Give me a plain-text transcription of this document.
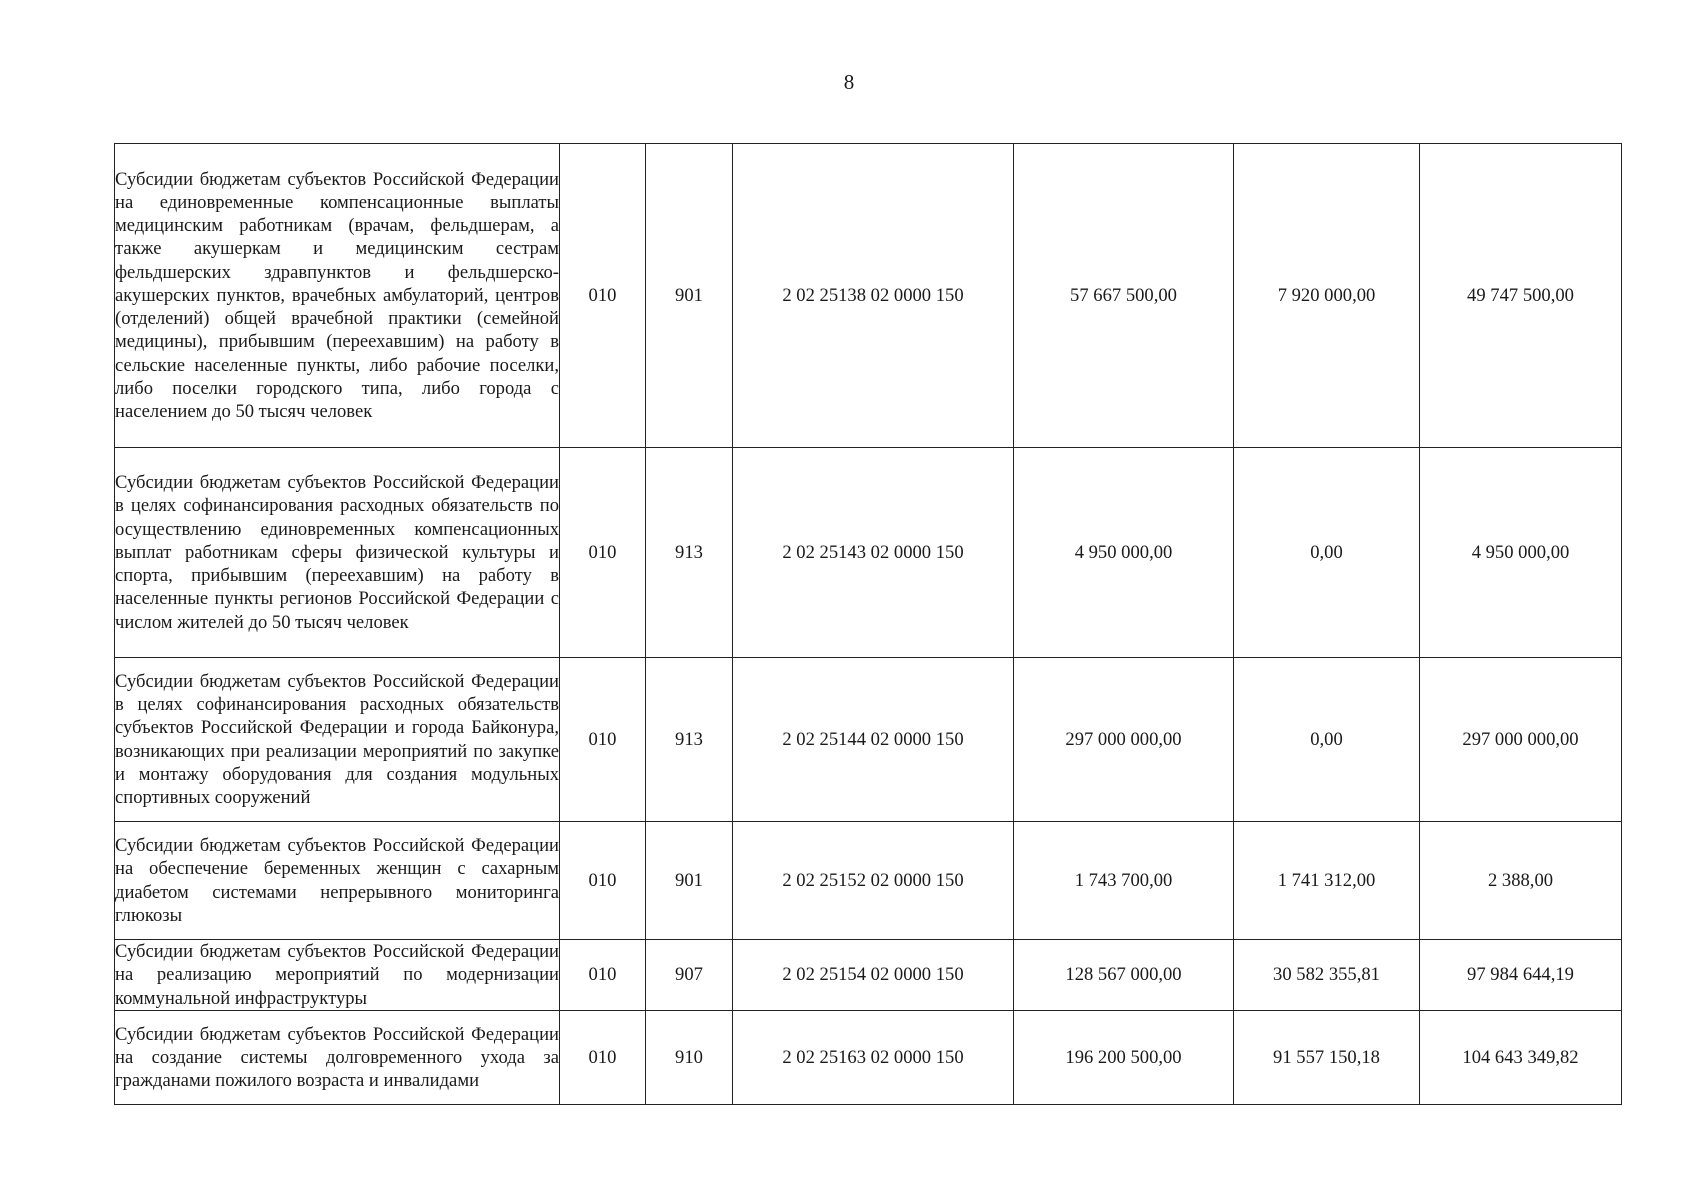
8
Субсидии бюджетам субъектов Российской Федерации на единовременные компенсационные выплаты медицинским работникам (врачам, фельдшерам, а также акушеркам и медицинским сестрам фельдшерских здравпунктов и фельдшерско-акушерских пунктов, врачебных амбулаторий, центров (отделений) общей врачебной практики (семейной медицины), прибывшим (переехавшим) на работу в сельские населенные пункты, либо рабочие поселки, либо поселки городского типа, либо города с населением до 50 тысяч человек	010	901	2 02 25138 02 0000 150	57 667 500,00	7 920 000,00	49 747 500,00
Субсидии бюджетам субъектов Российской Федерации в целях софинансирования расходных обязательств по осуществлению единовременных компенсационных выплат работникам сферы физической культуры и спорта, прибывшим (переехавшим) на работу в населенные пункты регионов Российской Федерации с числом жителей до 50 тысяч человек	010	913	2 02 25143 02 0000 150	4 950 000,00	0,00	4 950 000,00
Субсидии бюджетам субъектов Российской Федерации в целях софинансирования расходных обязательств субъектов Российской Федерации и города Байконура, возникающих при реализации мероприятий по закупке и монтажу оборудования для создания модульных спортивных сооружений	010	913	2 02 25144 02 0000 150	297 000 000,00	0,00	297 000 000,00
Субсидии бюджетам субъектов Российской Федерации на обеспечение беременных женщин с сахарным диабетом системами непрерывного мониторинга глюкозы	010	901	2 02 25152 02 0000 150	1 743 700,00	1 741 312,00	2 388,00
Субсидии бюджетам субъектов Российской Федерации на реализацию мероприятий по модернизации коммунальной инфраструктуры	010	907	2 02 25154 02 0000 150	128 567 000,00	30 582 355,81	97 984 644,19
Субсидии бюджетам субъектов Российской Федерации на создание системы долговременного ухода за гражданами пожилого возраста и инвалидами	010	910	2 02 25163 02 0000 150	196 200 500,00	91 557 150,18	104 643 349,82
